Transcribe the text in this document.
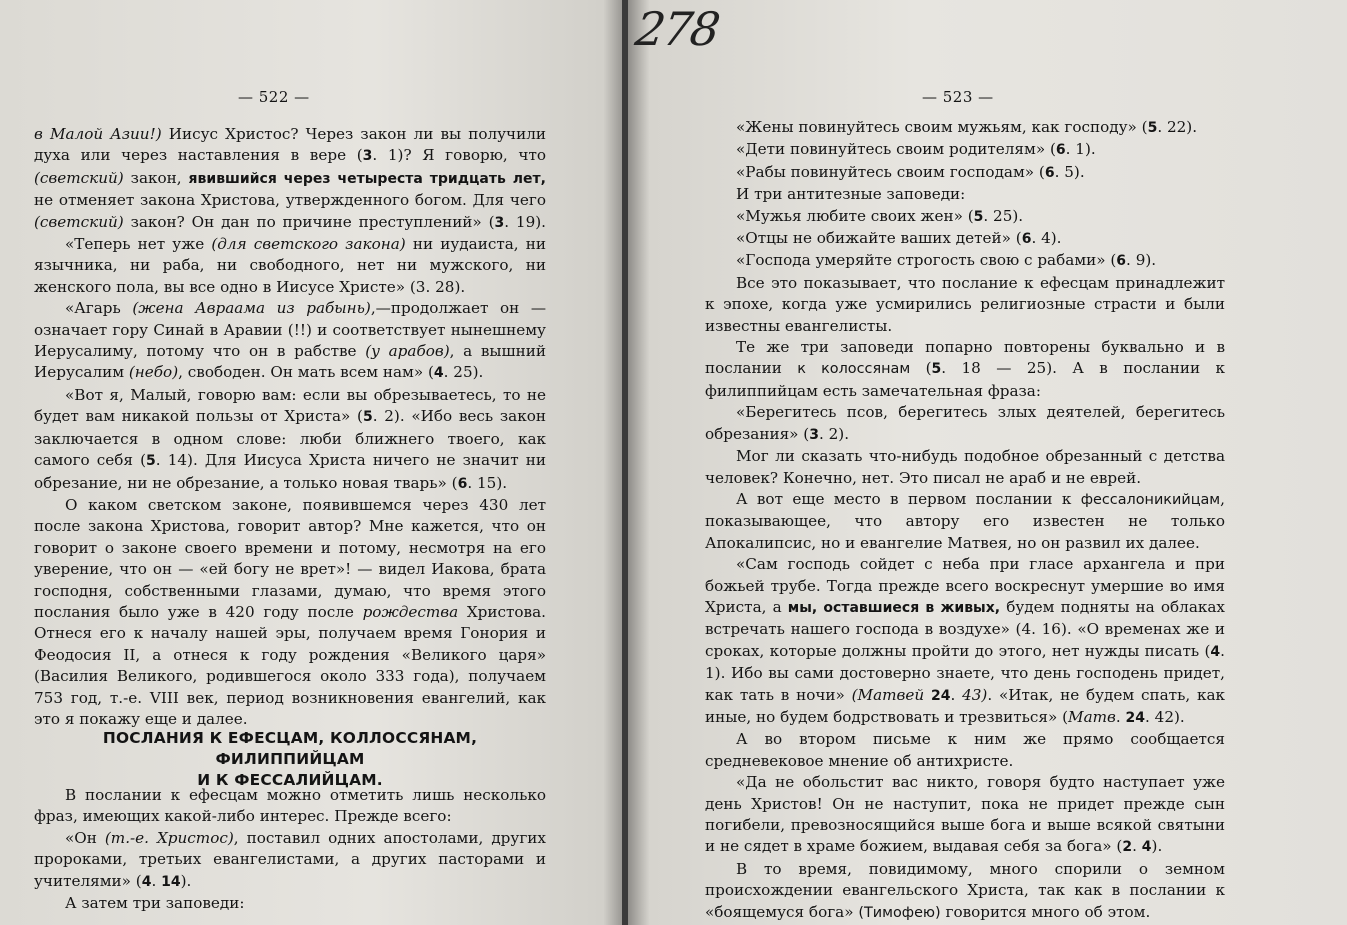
— 522 —

в Малой Азии!) Иисус Христос? Через закон ли вы получили духа или через наставления в вере (3. 1)? Я говорю, что (светский) закон, явившийся через четыреста тридцать лет, не отменяет закона Христова, утвержденного богом. Для чего (светский) закон? Он дан по причине преступлений» (3. 19).

«Теперь нет уже (для светского закона) ни иудаиста, ни язычника, ни раба, ни свободного, нет ни мужского, ни женского пола, вы все одно в Иисусе Христе» (3. 28).

«Агарь (жена Авраама из рабынь),—продолжает он — означает гору Синай в Аравии (!!) и соответствует нынешнему Иерусалиму, потому что он в рабстве (у арабов), а вышний Иерусалим (небо), свободен. Он мать всем нам» (4. 25).

«Вот я, Малый, говорю вам: если вы обрезываетесь, то не будет вам никакой пользы от Христа» (5. 2). «Ибо весь закон заключается в одном слове: люби ближнего твоего, как самого себя (5. 14). Для Иисуса Христа ничего не значит ни обрезание, ни не обрезание, а только новая тварь» (6. 15).

О каком светском законе, появившемся через 430 лет после закона Христова, говорит автор? Мне кажется, что он говорит о законе своего времени и потому, несмотря на его уверение, что он — «ей богу не врет»! — видел Иакова, брата господня, собственными глазами, думаю, что время этого послания было уже в 420 году после рождества Христова. Отнеся его к началу нашей эры, получаем время Гонория и Феодосия II, а отнеся к году рождения «Великого царя» (Василия Великого, родившегося около 333 года), получаем 753 год, т.-е. VIII век, период возникновения евангелий, как это я покажу еще и далее.

ПОСЛАНИЯ К ЕФЕСЦАМ, КОЛЛОССЯНАМ, ФИЛИППИЙЦАМ
И К ФЕССАЛИЙЦАМ.

В послании к ефесцам можно отметить лишь несколько фраз, имеющих какой-либо интерес. Прежде всего:

«Он (т.-е. Христос), поставил одних апостолами, других пророками, третьих евангелистами, а других пасторами и учителями» (4. 14).

А затем три заповеди:

— 523 —

«Жены повинуйтесь своим мужьям, как господу» (5. 22).

«Дети повинуйтесь своим родителям» (6. 1).

«Рабы повинуйтесь своим господам» (6. 5).

И три антитезные заповеди:

«Мужья любите своих жен» (5. 25).

«Отцы не обижайте ваших детей» (6. 4).

«Господа умеряйте строгость свою с рабами» (6. 9).

Все это показывает, что послание к ефесцам принадлежит к эпохе, когда уже усмирились религиозные страсти и были известны евангелисты.

Те же три заповеди попарно повторены буквально и в послании к колоссянам (5. 18 — 25). А в послании к филиппийцам есть замечательная фраза:

«Берегитесь псов, берегитесь злых деятелей, берегитесь обрезания» (3. 2).

Мог ли сказать что-нибудь подобное обрезанный с детства человек? Конечно, нет. Это писал не араб и не еврей.

А вот еще место в первом послании к фессалоникийцам, показывающее, что автору его известен не только Апокалипсис, но и евангелие Матвея, но он развил их далее.

«Сам господь сойдет с неба при гласе архангела и при божьей трубе. Тогда прежде всего воскреснут умершие во имя Христа, а мы, оставшиеся в живых, будем подняты на облаках встречать нашего господа в воздухе» (4. 16). «О временах же и сроках, которые должны пройти до этого, нет нужды писать (4. 1). Ибо вы сами достоверно знаете, что день господень придет, как тать в ночи» (Матвей 24. 43). «Итак, не будем спать, как иные, но будем бодрствовать и трезвиться» (Матв. 24. 42).

А во втором письме к ним же прямо сообщается средневековое мнение об антихристе.

«Да не обольстит вас никто, говоря будто наступает уже день Христов! Он не наступит, пока не придет прежде сын погибели, превозносящийся выше бога и выше всякой святыни и не сядет в храме божием, выдавая себя за бога» (2. 4).

В то время, повидимому, много спорили о земном происхождении евангельского Христа, так как в послании к «боящемуся бога» (Тимофею) говорится много об этом.

278
